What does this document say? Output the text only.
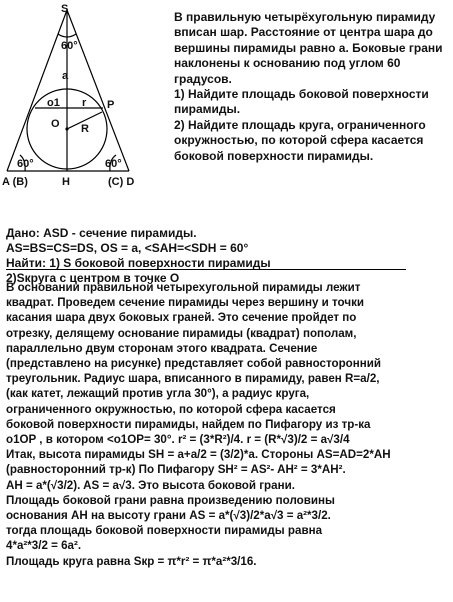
S
60°
a
o1 r P
O R
60°	60°
A (B)	H	(C) D

В правильную четырёхугольную пирамиду вписан шар. Расстояние от центра шара до вершины пирамиды равно а. Боковые грани наклонены к основанию под углом 60 градусов.

1) Найдите площадь боковой поверхности пирамиды.

2) Найдите площадь круга, ограниченного окружностью, по которой сфера касается боковой поверхности пирамиды.

Дано: ASD - сечение пирамиды.
AS=BS=CS=DS, OS = a, <SAH=<SDH = 60°
Найти: 1) S боковой поверхности пирамиды
2)Sкруга с центром в точке О
В основании правильной четырехугольной пирамиды лежит
квадрат. Проведем сечение пирамиды через вершину и точки
касания шара двух боковых граней. Это сечение пройдет по
отрезку, делящему основание пирамиды (квадрат) пополам,
параллельно двум сторонам этого квадрата. Сечение
(представлено на рисунке) представляет собой равносторонний
треугольник. Радиус шара, вписанного в пирамиду, равен R=a/2,
(как катет, лежащий против угла 30°), а радиус круга,
ограниченного окружностью, по которой сфера касается
боковой поверхности пирамиды, найдем по Пифагору из тр-ка
o1OP , в котором <o1OP= 30°. r² = (3*R²)/4. r = (R*√3)/2 = a√3/4
Итак, высота пирамиды SH = a+a/2 = (3/2)*a. Стороны AS=AD=2*AH
(равносторонний тр-к) По Пифагору SH² = AS²- AH² = 3*AH².
AH = a*(√3/2). AS = a√3. Это высота боковой грани.
Площадь боковой грани равна произведению половины
основания АН на высоту грани AS = a*(√3)/2*a√3 = a²*3/2.
тогда площадь боковой поверхности пирамиды равна
4*a²*3/2 = 6a².
Площадь круга равна Sкр = π*r² = π*a²*3/16.
